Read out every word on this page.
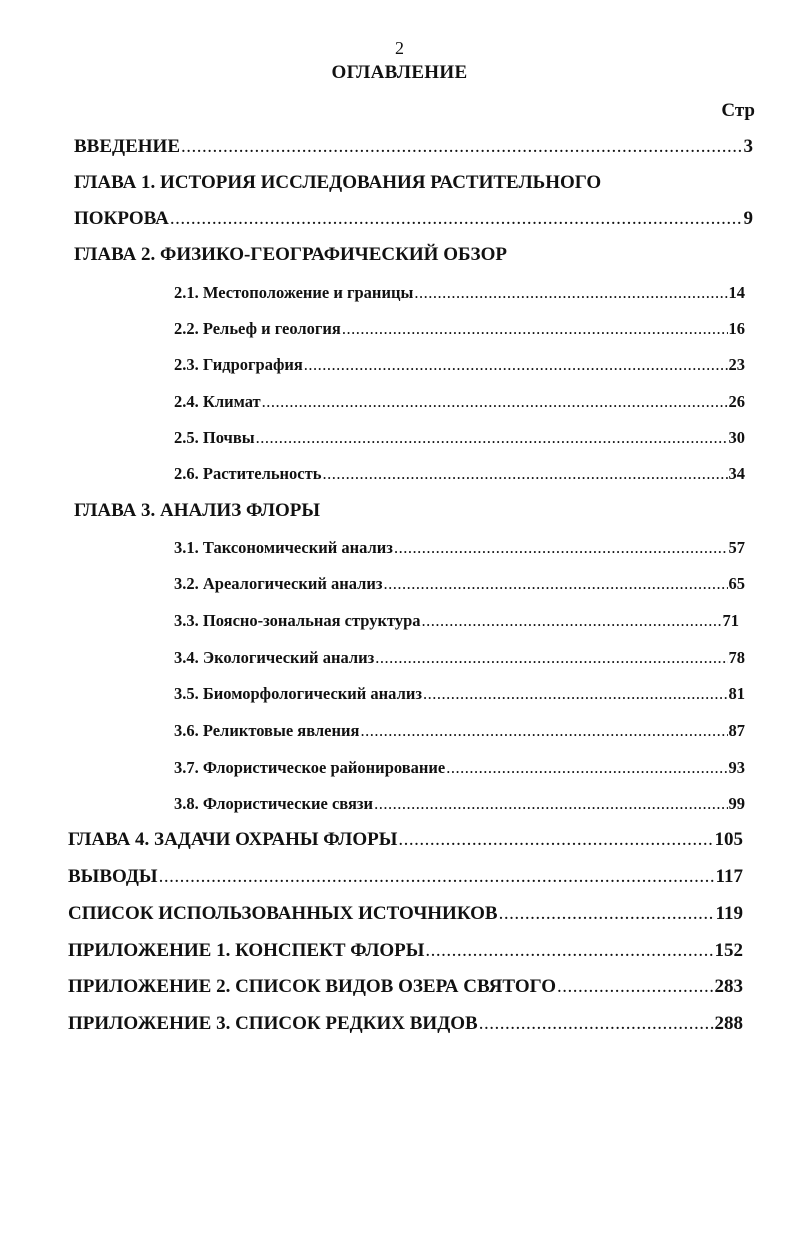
2
ОГЛАВЛЕНИЕ
Стр
ВВЕДЕНИЕ .....	3
ГЛАВА 1. ИСТОРИЯ ИССЛЕДОВАНИЯ РАСТИТЕЛЬНОГО
ПОКРОВА .....	9
ГЛАВА 2. ФИЗИКО-ГЕОГРАФИЧЕСКИЙ ОБЗОР
2.1. Местоположение и границы .....	14
2.2. Рельеф и геология .....	16
2.3. Гидрография .....	23
2.4. Климат .....	26
2.5. Почвы .....	30
2.6. Растительность .....	34
ГЛАВА 3. АНАЛИЗ ФЛОРЫ
3.1. Таксономический анализ .....	57
3.2. Ареалогический анализ .....	65
3.3. Поясно-зональная структура .....	71
3.4. Экологический анализ .....	78
3.5. Биоморфологический анализ .....	81
3.6. Реликтовые явления .....	87
3.7. Флористическое районирование .....	93
3.8. Флористические связи .....	99
ГЛАВА 4. ЗАДАЧИ ОХРАНЫ ФЛОРЫ .....	105
ВЫВОДЫ .....	117
СПИСОК ИСПОЛЬЗОВАННЫХ ИСТОЧНИКОВ .....	119
ПРИЛОЖЕНИЕ 1. КОНСПЕКТ ФЛОРЫ .....	152
ПРИЛОЖЕНИЕ 2. СПИСОК ВИДОВ ОЗЕРА СВЯТОГО .....	283
ПРИЛОЖЕНИЕ 3. СПИСОК РЕДКИХ ВИДОВ .....	288
